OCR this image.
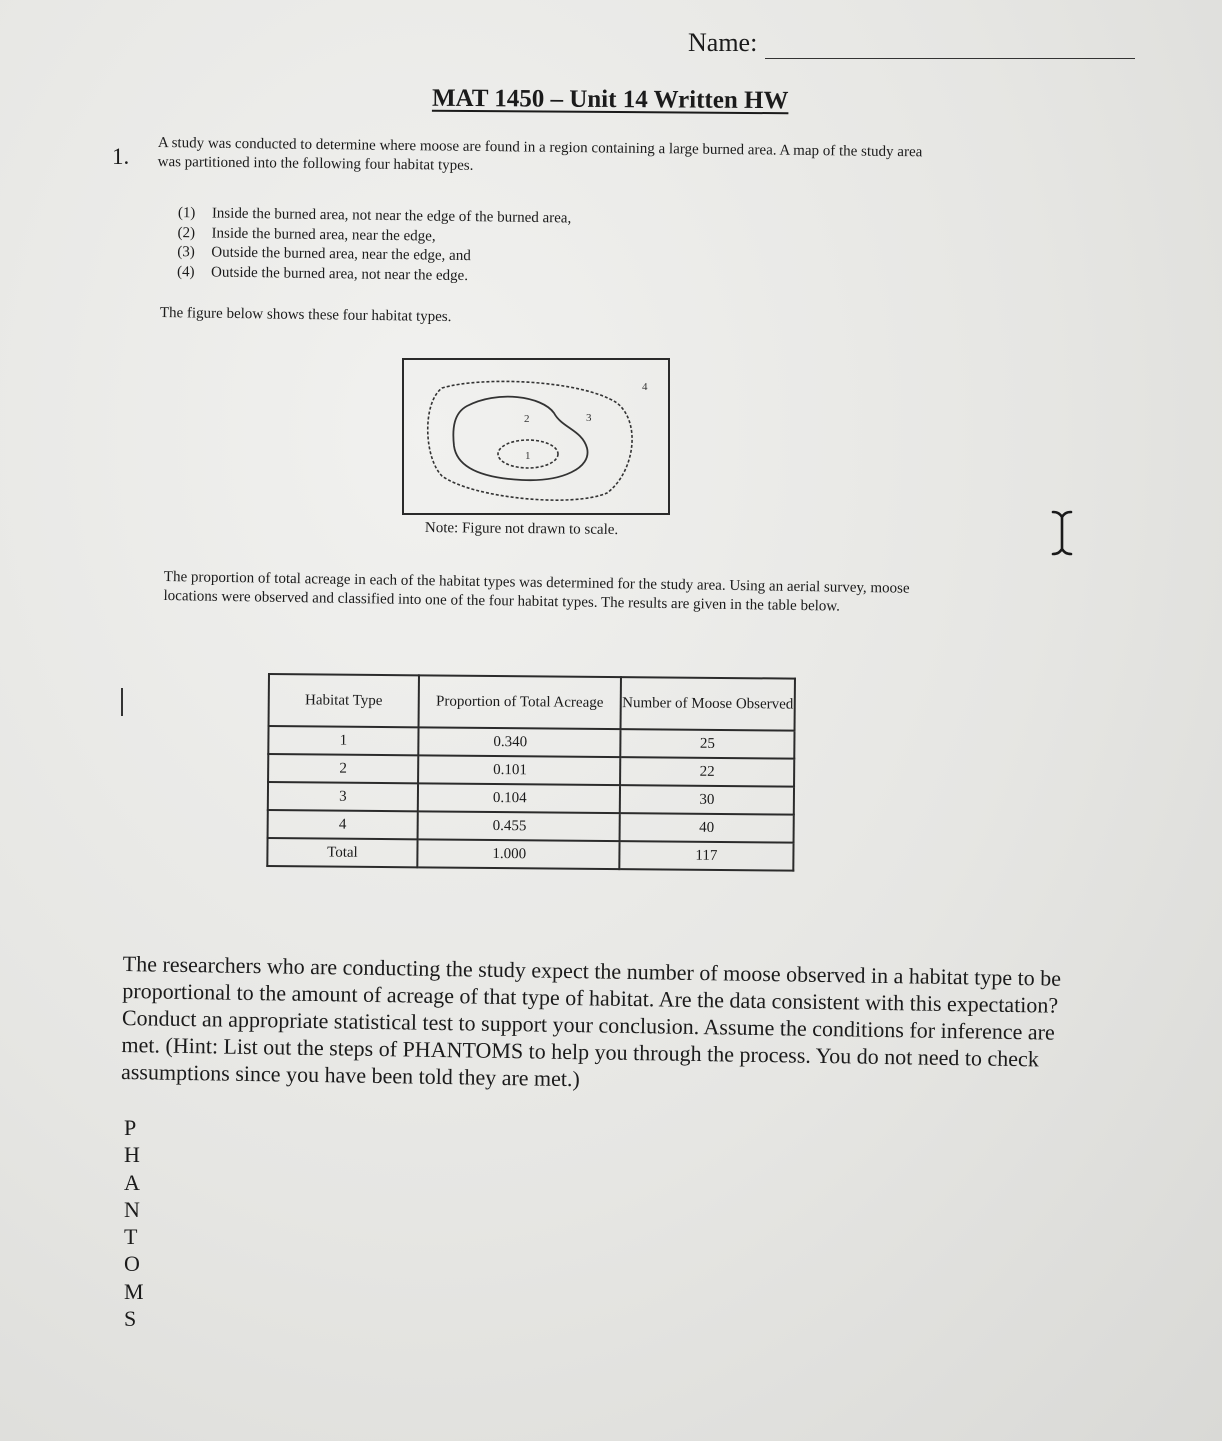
Name:
MAT 1450 – Unit 14 Written HW
1. A study was conducted to determine where moose are found in a region containing a large burned area. A map of the study area was partitioned into the following four habitat types.
(1) Inside the burned area, not near the edge of the burned area,
(2) Inside the burned area, near the edge,
(3) Outside the burned area, near the edge, and
(4) Outside the burned area, not near the edge.
The figure below shows these four habitat types.
1
2	3
4
Note: Figure not drawn to scale.
The proportion of total acreage in each of the habitat types was determined for the study area. Using an aerial survey, moose locations were observed and classified into one of the four habitat types. The results are given in the table below.
Habitat Type	Proportion of Total Acreage	Number of Moose Observed
1	0.340	25
2	0.101	22
3	0.104	30
4	0.455	40
Total	1.000	117
The researchers who are conducting the study expect the number of moose observed in a habitat type to be proportional to the amount of acreage of that type of habitat. Are the data consistent with this expectation? Conduct an appropriate statistical test to support your conclusion. Assume the conditions for inference are met. (Hint: List out the steps of PHANTOMS to help you through the process. You do not need to check assumptions since you have been told they are met.)
P
H
A
N
T
O
M
S
